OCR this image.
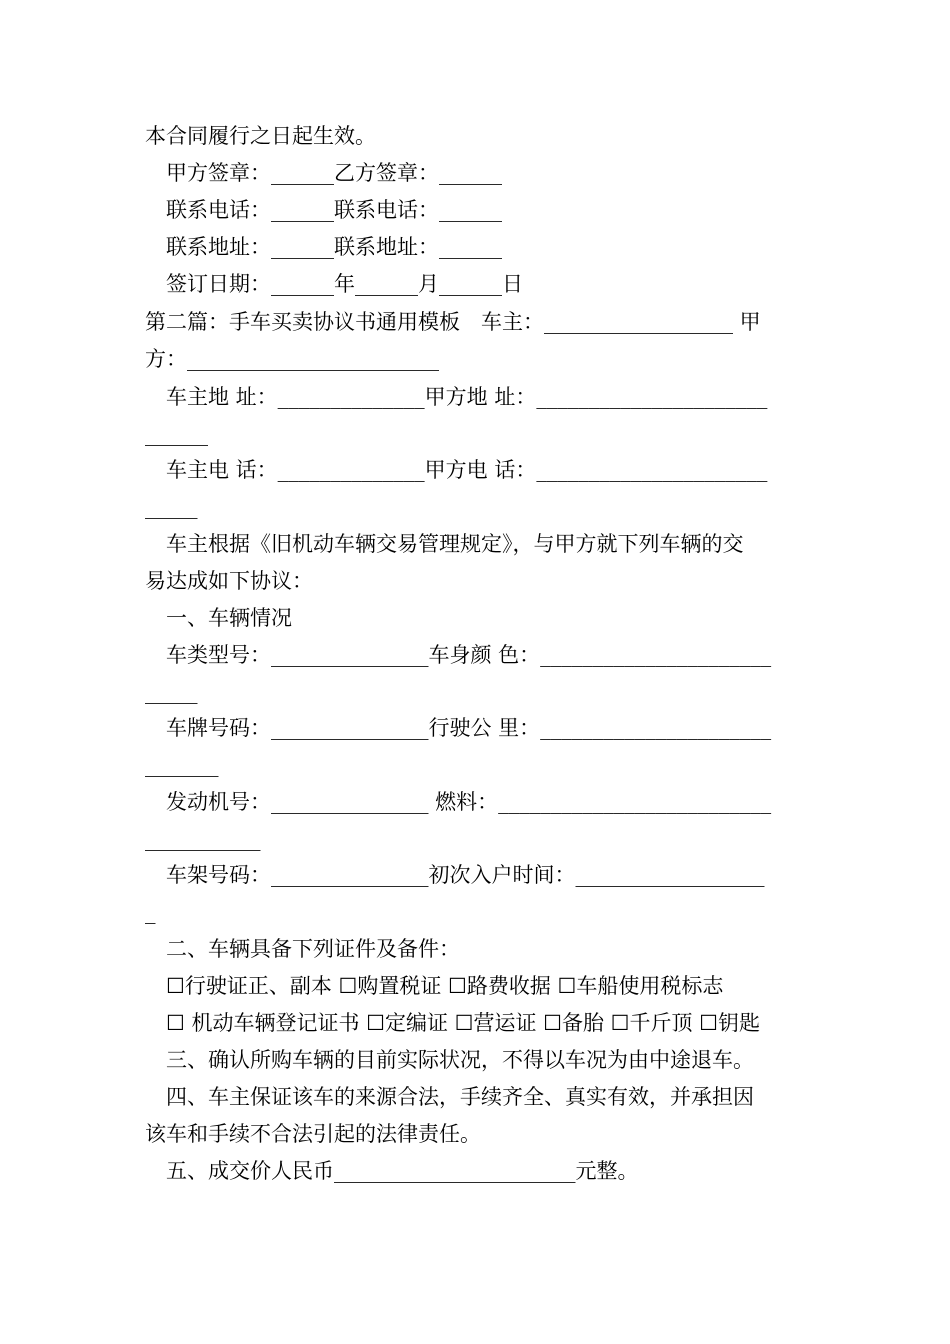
本合同履行之日起生效。
甲方签章：______乙方签章：______
联系电话：______联系电话：______
联系地址：______联系地址：______
签订日期：______年______月______日
第二篇：手车买卖协议书通用模板　车主：__________________ 甲
方：________________________
车主地 址：______________甲方地 址：______________________
______
车主电 话：______________甲方电 话：______________________
_____
车主根据《旧机动车辆交易管理规定》，与甲方就下列车辆的交
易达成如下协议：
一、车辆情况
车类型号：_______________车身颜 色：______________________
_____
车牌号码：_______________行驶公 里：______________________
_______
发动机号：_______________ 燃料：__________________________
___________
车架号码：_______________初次入户时间：__________________
_
二、车辆具备下列证件及备件：
☐行驶证正、副本 ☐购置税证 ☐路费收据 ☐车船使用税标志
☐ 机动车辆登记证书 ☐定编证 ☐营运证 ☐备胎 ☐千斤顶 ☐钥匙
三、确认所购车辆的目前实际状况，不得以车况为由中途退车。
四、车主保证该车的来源合法，手续齐全、真实有效，并承担因
该车和手续不合法引起的法律责任。
五、成交价人民币_______________________元整。
